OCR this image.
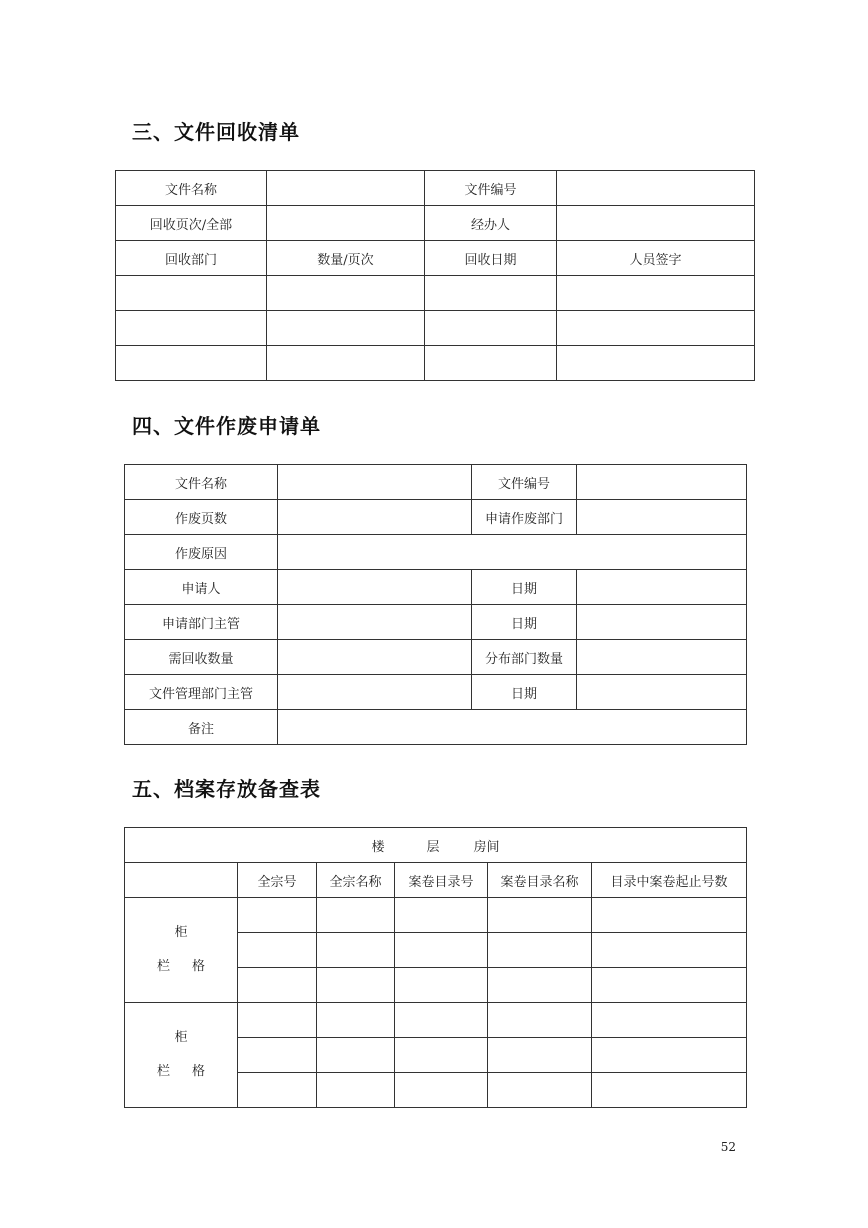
三、文件回收清单
文件名称		文件编号	
回收页次/全部		经办人	
回收部门	数量/页次	回收日期	人员签字

四、文件作废申请单
文件名称		文件编号	
作废页数		申请作废部门	
作废原因			
申请人		日期	
申请部门主管		日期	
需回收数量		分布部门数量	
文件管理部门主管		日期	
备注			
五、档案存放备查表
楼 层 房间					
	全宗号	全宗名称	案卷目录号	案卷目录名称	目录中案卷起止号数

柜
栏 格					

柜
栏 格					

52
